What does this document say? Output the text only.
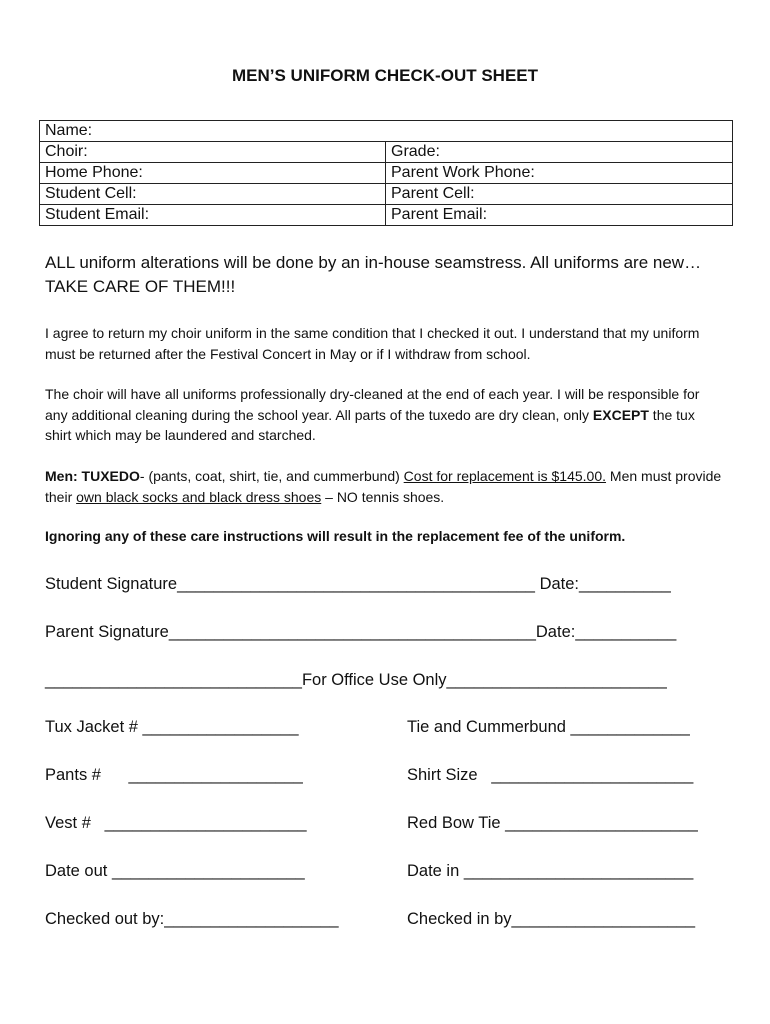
MEN’S UNIFORM CHECK-OUT SHEET
Name:	
Choir:	Grade:
Home Phone:	Parent Work Phone:
Student Cell:	Parent Cell:
Student Email:	Parent Email:
ALL uniform alterations will be done by an in-house seamstress. All uniforms are new… TAKE CARE OF THEM!!!
I agree to return my choir uniform in the same condition that I checked it out. I understand that my uniform must be returned after the Festival Concert in May or if I withdraw from school.
The choir will have all uniforms professionally dry-cleaned at the end of each year. I will be responsible for any additional cleaning during the school year. All parts of the tuxedo are dry clean, only EXCEPT the tux shirt which may be laundered and starched.
Men: TUXEDO- (pants, coat, shirt, tie, and cummerbund) Cost for replacement is $145.00. Men must provide their own black socks and black dress shoes – NO tennis shoes.
Ignoring any of these care instructions will result in the replacement fee of the uniform.
Student Signature_______________________________________ Date:__________
Parent Signature________________________________________Date:___________
____________________________For Office Use Only________________________
Tux Jacket # _________________	Tie and Cummerbund _____________
Pants #      ___________________	Shirt Size   ______________________
Vest #   ______________________	Red Bow Tie _____________________
Date out _____________________	Date in _________________________
Checked out by:___________________	Checked in by____________________
